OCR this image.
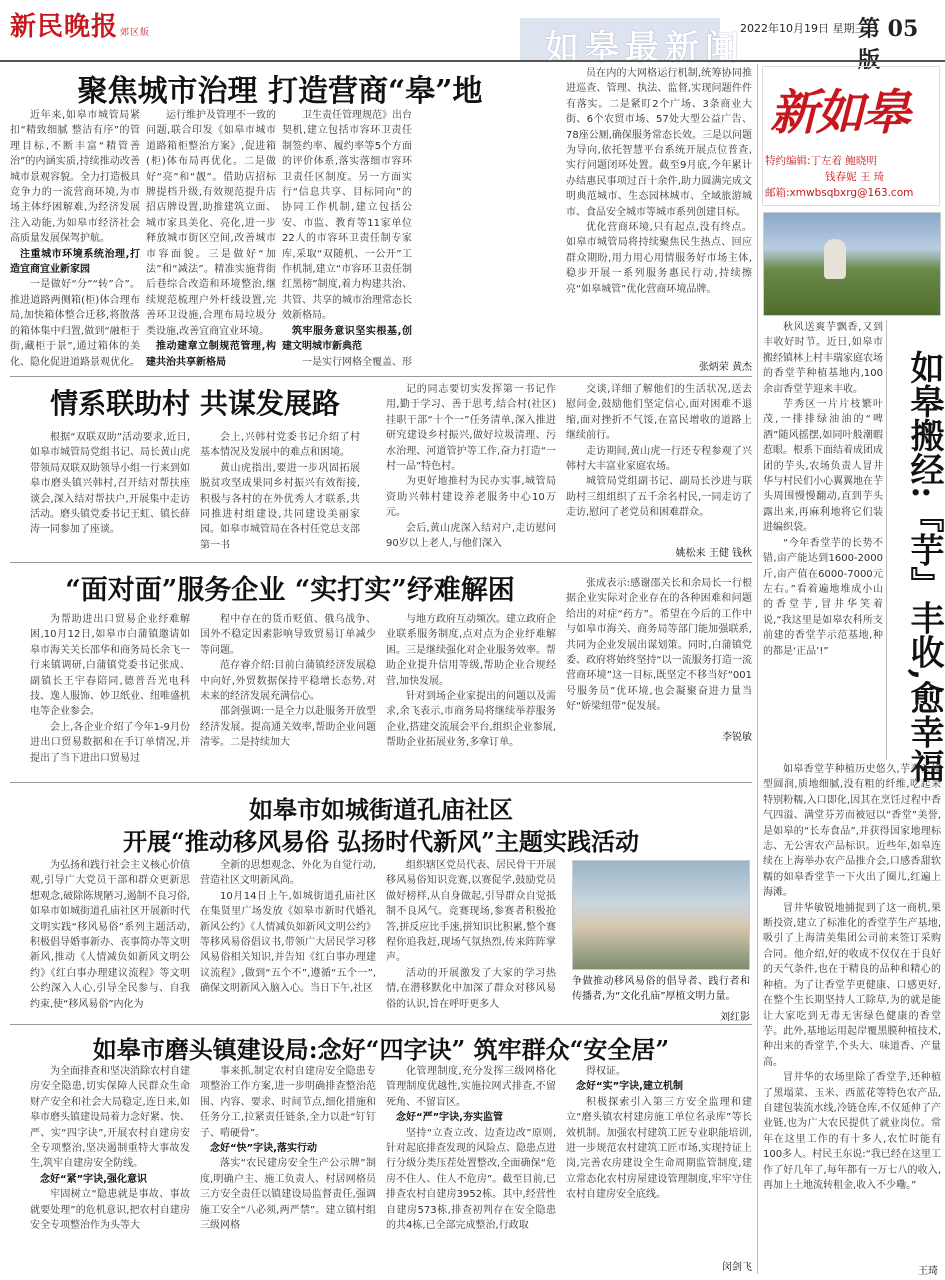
新民晚报 郊区版	如皋最新闻
2022年10月19日 星期三
第 05 版
新如皋
特约编辑:丁左着 鲍晓明
钱春妮 王 琦
邮箱:xmwbsqbxrg@163.com
如皋搬经:『芋』丰收,愈幸福

秋风送爽芋飘香,又到丰收好时节。近日,如皋市搬经镇林上村丰瑞家庭农场的香堂芋种植基地内,100余亩香堂芋迎来丰收。

芋秀区一片片枝繁叶茂,一排排绿油油的“啤酒”随风摇摆,如同叶般潮暇惹眼。根系下面结着成团成团的芋头,农场负责人冒井华与村民们小心翼翼地在芋头周围慢慢翻动,直到芋头露出来,再麻利地将它们装进编织袋。

“今年香堂芋的长势不错,亩产能达到1600-2000斤,亩产值在6000-7000元左右。”看着遍地堆成小山的香堂芋,冒井华笑着说,“我这里是如皋农科所支前建的香堂芋示范基地,种的都是‘正品’!”

如皋香堂芋种植历史悠久,芋秀头体型圆润,质地细腻,没有粗的纤维,吃起来特别粉糯,入口即化,因其在烹饪过程中香气四溢、满堂芬芳而被冠以“香堂”美誉,是如皋的“长寿食品”,并获得国家地理标志、无公害农产品标识。近些年,如皋连续在上海举办农产品推介会,口感香甜软糯的如皋香堂芋一下火出了圈儿,红遍上海滩。

冒井华敏锐地捕捉到了这一商机,果断投资,建立了标准化的香堂芋生产基地,吸引了上海清美集团公司前来签订采购合同。他介绍,好的收成不仅仅在于良好的天气条件,也在于精良的品种和精心的种植。为了让香堂芋更健康、口感更好,在整个生长期坚持人工除草,为的就是能让大家吃到无毒无害绿色健康的香堂芋。此外,基地运用起岸覆黑膜种植技术,种出来的香堂芋,个头大、味道香、产量高。

冒井华的农场里除了香堂芋,还种植了黑塌菜、玉米、西蓝花等特色农产品,自建包装流水线,冷链仓库,不仅延伸了产业链,也为广大农民提供了就业岗位。常年在这里工作的有十多人,农忙时能有100多人。村民王东说:“我已经在这里工作了好几年了,每年都有一万七八的收入,再加上土地流转租金,收入不少嘞。”

王琦
聚焦城市治理 打造营商“皋”地

近年来,如皋市城管局紧扣“精致细腻 整洁有序”的管理目标,不断丰富“精管善治”的内涵实质,持续推动改善城市景观容貌。全力打造极具竞争力的一流营商环境,为市场主体纾困解难,为经济发展注入动能,为如皋市经济社会高质量发展保驾护航。

注重城市环境系统治理,打造宜商宜业新家园

一是做好“分”“转”合”。推进道路两侧箱(柜)体合理布局,加快箱体整合迁移,将散落的箱体集中归置,做到“融柜于街,藏柜于景”,通过箱体的美化、隐化促进道路景观优化。

运行维护及管理不一致的问题,联合印发《如皋市城市道路箱柜整治方案》,促进箱(柜)体布局再优化。二是做好“亮”和“靓”。借助店招标牌提档升级,有效规范提升店招店牌设置,助推建筑立面、城市家具美化、亮化,进一步释放城市街区空间,改善城市市容面貌。三是做好“加法”和“减法”。精准实施背街后巷综合改造和环境整治,继续规范梳理户外杆线设置,完善环卫设施,合理布局垃圾分类设施,改善宜商宜业环境。

推动建章立制规范管理,构建共治共享新格局

卫生责任管理规范》出台契机,建立包括市容环卫责任制签约率、履约率等5个方面的评价体系,落实落细市容环卫责任区制度。另一方面实行“信息共享、目标同向”的协同工作机制,建立包括公安、市监、教育等11家单位22人的市容环卫责任制专家库,采取“双随机、一公开”工作机制,建立“市容环卫责任制红黑榜”制度,着力构建共治、共管、共享的城市治理常态长效新格局。

筑牢服务意识坚实根基,创建文明城市新典范

一是实行网格全覆盖、形

员在内的大网格运行机制,统筹协同推进巡查、管理、执法、监督,实现问题件件有落实。二是紧盯2个广场、3条商业大街、6个农贸市场、57处大型公益广告、78座公厕,确保服务常态长效。三是以问题为导向,依托智慧平台系统开展点位普查,实行问题闭环处置。截至9月底,今年累计办结惠民事项过百十余件,助力圆满完成文明典范城市、生态园林城市、全域旅游城市、食品安全城市等城市系列创建目标。

优化营商环境,只有起点,没有终点。如皋市城管局将持续聚焦民生热点、回应群众期盼,用力用心用情服务好市场主体,稳步开展一系列服务惠民行动,持续擦亮“如皋城管”优化营商环境品牌。

张炳荣 黄杰
情系联助村 共谋发展路

根据“双联双助”活动要求,近日,如皋市城管局党组书记、局长黄山虎带领局双联双助领导小组一行来到如皋市磨头镇兴韩村,召开结对帮扶座谈会,深入结对帮扶户,开展集中走访活动。磨头镇党委书记王虹、镇长薛涛一同参加了座谈。

会上,兴韩村党委书记介绍了村基本情况及发展中的难点和困境。

黄山虎指出,要进一步巩固拓展脱贫攻坚成果同乡村振兴有效衔接,积极与各村的在外优秀人才联系,共同推进村组建设,共同建设美丽家园。如皋市城管局在各村任党总支部第一书

记的同志要切实发挥第一书记作用,勤于学习、善于思考,结合村(社区)挂职干部“十个一”任务清单,深入推进研究建设乡村振兴,做好垃圾清理、污水治理、河道管护等工作,奋力打造“一村一品”特色村。

为更好地推村为民办实事,城管局资助兴韩村建设养老服务中心10万元。

会后,黄山虎深入结对户,走访慰问90岁以上老人,与他们深入

交谈,详细了解他们的生活状况,送去慰问金,鼓励他们坚定信心,面对困难不退缩,面对挫折不气馁,在富民增收的道路上继续前行。

走访期间,黄山虎一行还专程参观了兴韩村大丰富业家庭农场。

城管局党组副书记、副局长沙进与联助村三组组织了五千余名村民,一同走访了走访,慰问了老党员和困难群众。

姚松来 王健 钱秋
“面对面”服务企业 “实打实”纾难解困

为帮助进出口贸易企业纾难解困,10月12日,如皋市白蒲镇邀请如皋市海关关长邵华和商务局长余飞一行来镇调研,白蒲镇党委书记张成、副镇长王宇春陪同,德普吾光电科技、逸人服饰、妙卫纸业、纽唯盛机电等企业参会。

会上,各企业介绍了今年1-9月份进出口贸易数据和在手订单情况,并提出了当下进出口贸易过

程中存在的货币贬值、俄乌战争、国外不稳定因素影响导致贸易订单减少等问题。

范存睿介绍:目前白蒲镇经济发展稳中向好,外贸数据保持平稳增长态势,对未来的经济发展充满信心。

邵剑强调:一是全力以赴服务开放型经济发展。提高通关效率,帮助企业问题清零。二是持续加大

与地方政府互动频次。建立政府企业联系服务制度,点对点为企业纾难解困。三是继续强化对企业服务效率。帮助企业提升信用等级,帮助企业合规经营,加快发展。

针对到场企业家提出的问题以及需求,余飞表示,市商务局将继续举荐服务企业,搭建交流展会平台,组织企业参展,帮助企业拓展业务,多拿订单。

张成表示:感谢邵关长和余局长一行根据企业实际对企业存在的各种困难和问题给出的对症“药方”。希望在今后的工作中与如皋市海关、商务局等部门能加强联系,共同为企业发展出谋划策。同时,白蒲镇党委、政府将始终坚持“以一流服务打造一流营商环境”这一目标,既坚定不移当好“001号服务员”优环境,也会凝聚奋进力量当好“娇梁纽带”促发展。

李锐敏
如皋市如城街道孔庙社区
开展“推动移风易俗 弘扬时代新风”主题实践活动

为弘扬和践行社会主义核心价值观,引导广大党员干部和群众更新思想观念,破除陈规陋习,遏制不良习俗,如皋市如城街道孔庙社区开展新时代文明实践“移风易俗”系列主题活动,积极倡导婚事新办、丧事简办等文明新风,推动《人情减负如新风文明公约》《红白事办理建议流程》等文明公约深入人心,引导全民参与、自我约束,使“移风易俗”内化为

全新的思想观念、外化为自觉行动,营造社区文明新风尚。

10月14日上午,如城街道孔庙社区在集贤里广场发放《如皋市新时代婚礼新风公约》《人情减负如新风文明公约》等移风易俗倡议书,带领广大居民学习移风易俗相关知识,并告知《红白事办理建议流程》,做到“五个不”,遵循“五个一”,确保文明新风入脑入心。当日下午,社区

组织辖区党员代表、居民骨干开展移风易俗知识竞赛,以赛促学,鼓励党员做好榜样,从自身做起,引导群众自觉抵制不良风气。竞赛现场,参赛者积极抢答,拼反应比手速,拼知识比积累,整个赛程你追我赶,现场气氛热烈,传来阵阵掌声。

活动的开展激发了大家的学习热情,在潜移默化中加深了群众对移风易俗的认识,旨在呼吁更多人

争做推动移风易俗的倡导者、践行者和传播者,为“文化孔庙”厚植文明力量。
刘红影
如皋市磨头镇建设局:念好“四字诀” 筑牢群众“安全居”

为全面排查和坚决消除农村自建房安全隐患,切实保障人民群众生命财产安全和社会大局稳定,连日来,如皋市磨头镇建设局着力念好紧、快、严、实“四字诀”,开展农村自建房安全专项整治,坚决遏制重特大事故发生,筑牢自建房安全防线。

念好“紧”字诀,强化意识

牢固树立“隐患就是事故、事故就要处理”的危机意识,把农村自建房安全专项整治作为头等大

事来抓,制定农村自建房安全隐患专项整治工作方案,进一步明确排查整治范围、内容、要求、时间节点,细化措施和任务分工,拉紧责任链条,全力以赴“钉钉子、啃硬骨”。

念好“快”字诀,落实行动

落实“农民建房安全生产公示牌”制度,明确户主、施工负责人、村居网格员三方安全责任以镇建设局监督责任,强调施工安全“八必须,两严禁”。建立镇村组三级网格

化管理制度,充分发挥三级网格化管理制度优越性,实施拉网式排查,不留死角、不留盲区。

念好“严”字诀,夯实监管

坚持“立查立改、边查边改”原则,针对起底排查发现的风险点、隐患点进行分级分类压茬处置整改,全面确保“危房不住人、住人不危房”。截至目前,已排查农村自建房3952栋。其中,经营性自建房573栋,排查初判存在安全隐患的共4栋,已全部完成整治,行政取

得权证。

念好“实”字诀,建立机制

积极探索引入第三方安全监理和建立“磨头镇农村建房施工单位名录库”等长效机制。加强农村建筑工匠专业职能培训,进一步规范农村建筑工匠市场,实现持证上岗,完善农房建设全生命周期监管制度,建立常态化农村房屋建设管理制度,牢牢守住农村自建房安全底线。

闵剑飞
